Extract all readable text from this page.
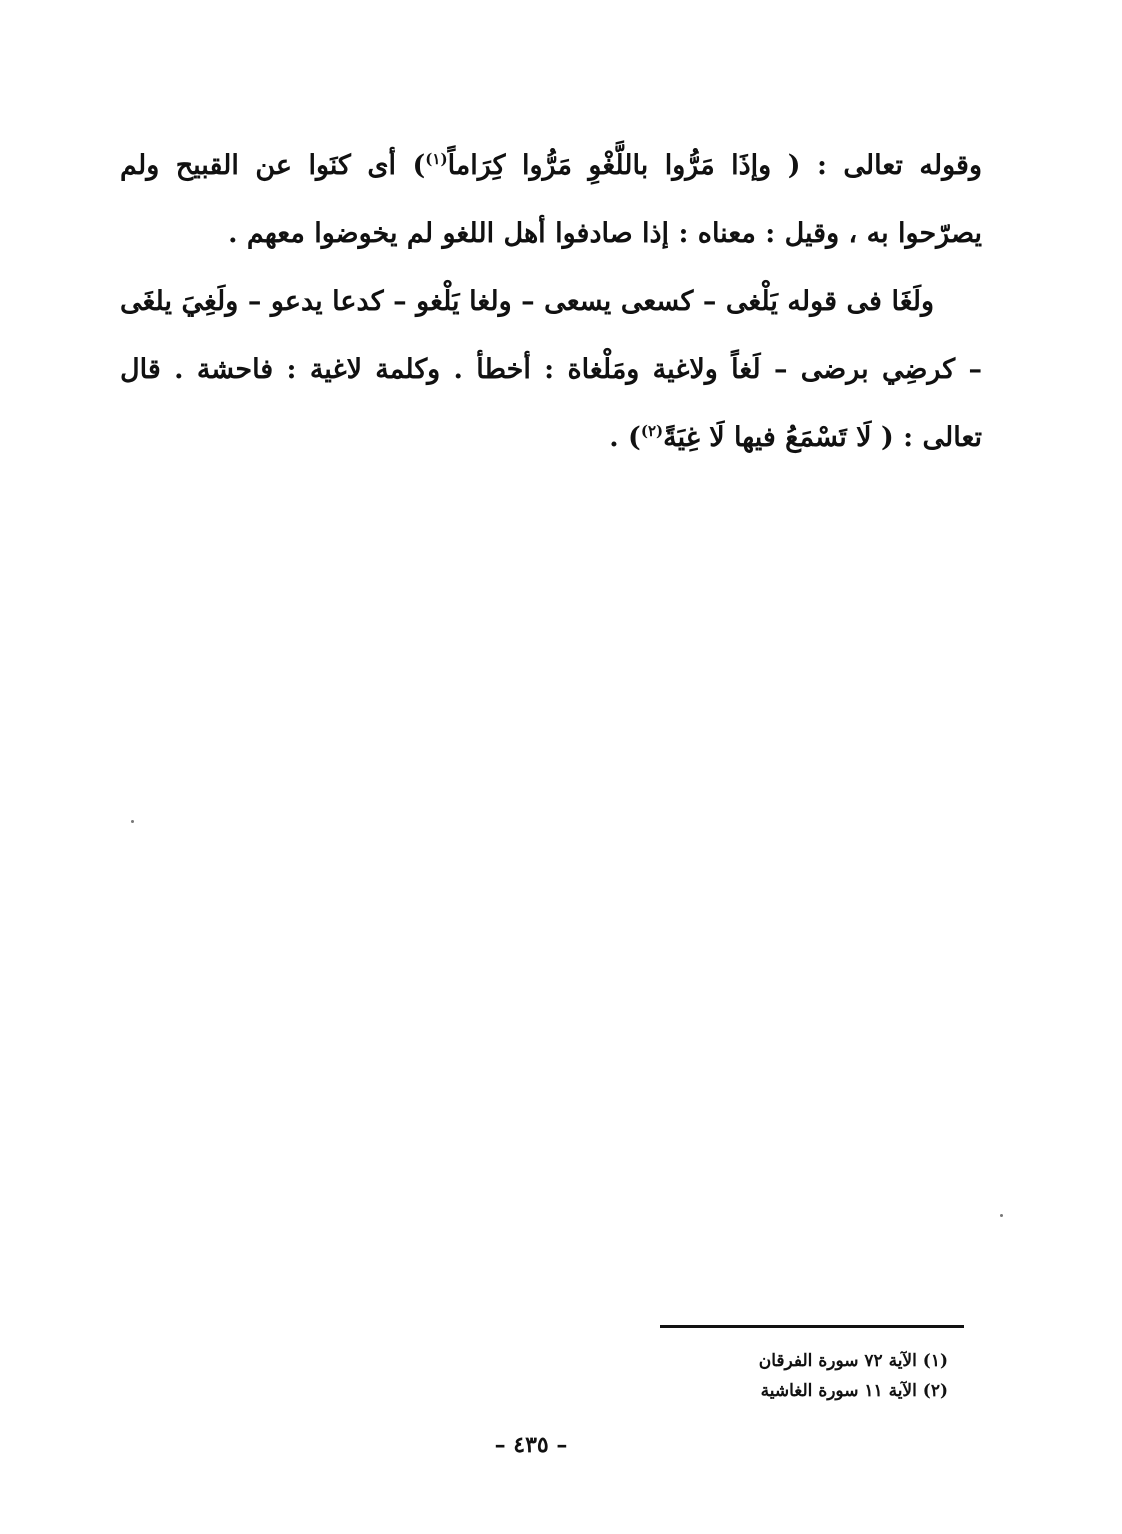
وقوله تعالى : ( وإذَا مَرُّوا باللَّغْوِ مَرُّوا كِرَاماً$^{(١)}$) أى كنَوا عن القبيح ولم يصرّحوا به ، وقيل : معناه : إذا صادفوا أهل اللغو لم يخوضوا معهم .

ولَغَا فى قوله يَلْغى – كسعى يسعى – ولغا يَلْغو – كدعا يدعو – ولَغِيَ يلغَى – كرضِي برضى – لَغاً ولاغية ومَلْغاة : أخطأ . وكلمة لاغية : فاحشة . قال تعالى : ( لَا تَسْمَعُ فيها لَا غِيَةً$^{(٢)}$) .

(١) الآية ٧٢ سورة الفرقان
(٢) الآية ١١ سورة الغاشية
– ٤٣٥ –
